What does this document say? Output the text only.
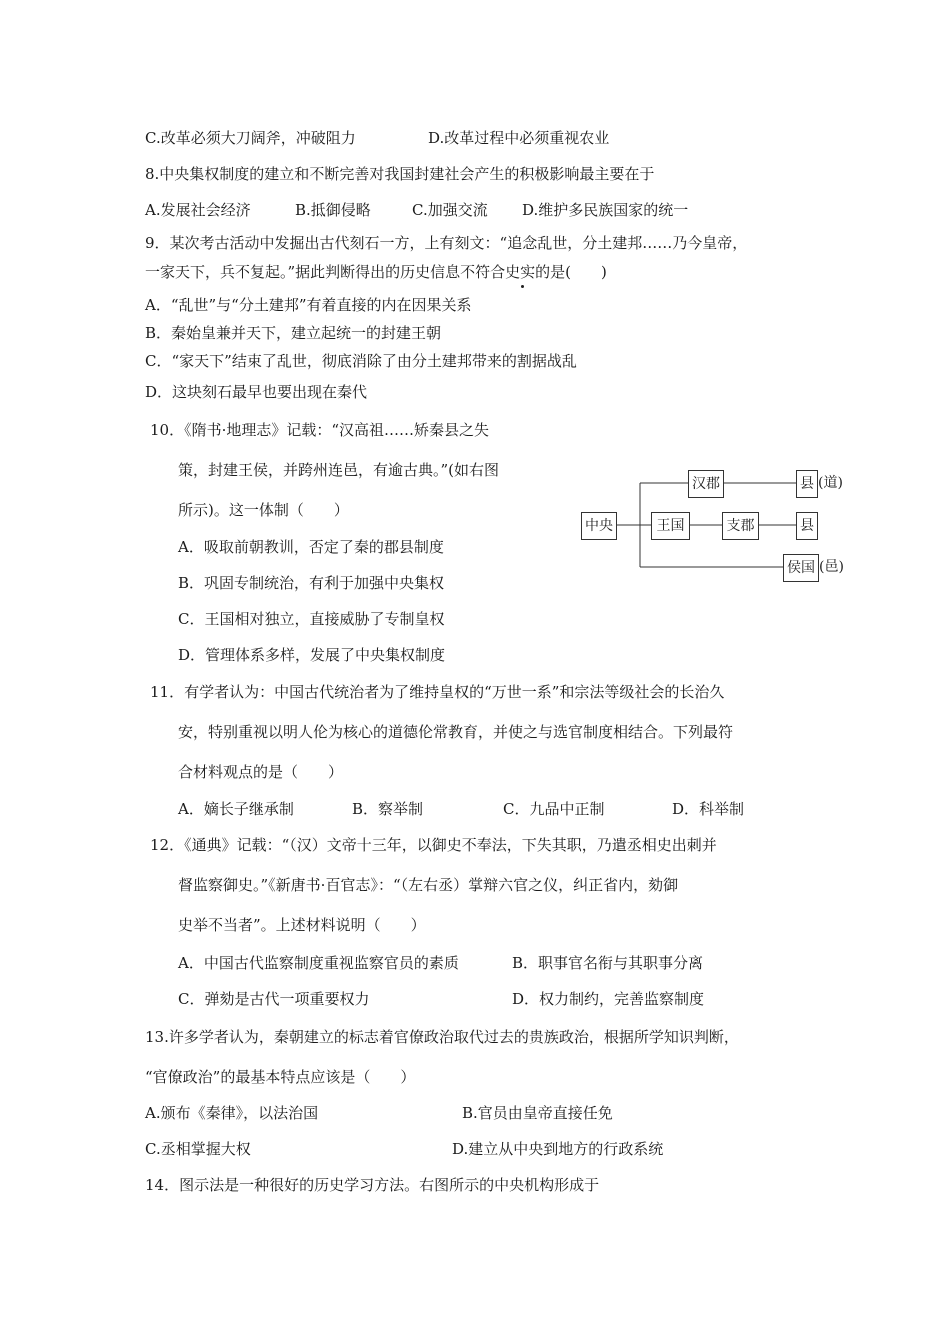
C.改革必须大刀阔斧，冲破阻力	D.改革过程中必须重视农业
8.中央集权制度的建立和不断完善对我国封建社会产生的积极影响最主要在于
A.发展社会经济	B.抵御侵略	C.加强交流 D.维护多民族国家的统一
9．某次考古活动中发掘出古代刻石一方，上有刻文：“追念乱世，分土建邦……乃今皇帝，
一家天下，兵不复起。”据此判断得出的历史信息不符合史实的是(　　)
A．“乱世”与“分土建邦”有着直接的内在因果关系
B．秦始皇兼并天下，建立起统一的封建王朝
C．“家天下”结束了乱世，彻底消除了由分土建邦带来的割据战乱
D．这块刻石最早也要出现在秦代
10．《隋书·地理志》记载：“汉高祖……矫秦县之失
策，封建王侯，并跨州连邑，有逾古典。”(如右图
所示)。这一体制（　　）
A．吸取前朝教训，否定了秦的郡县制度
B．巩固专制统治，有利于加强中央集权
C．王国相对独立，直接威胁了专制皇权
D．管理体系多样，发展了中央集权制度
中央
汉郡	县 (道)
王国	支郡	县
侯国 (邑)
11．有学者认为：中国古代统治者为了维持皇权的“万世一系”和宗法等级社会的长治久
安，特别重视以明人伦为核心的道德伦常教育，并使之与选官制度相结合。下列最符
合材料观点的是（　　）
A．嫡长子继承制	B．察举制	C．九品中正制	D．科举制
12．《通典》记载：“（汉）文帝十三年，以御史不奉法，下失其职，乃遣丞相史出刺并
督监察御史。”《新唐书·百官志》：“（左右丞）掌辩六官之仪，纠正省内，劾御
史举不当者”。上述材料说明（　　）
A．中国古代监察制度重视监察官员的素质	B．职事官名衔与其职事分离
C．弹劾是古代一项重要权力	D．权力制约，完善监察制度
13.许多学者认为，秦朝建立的标志着官僚政治取代过去的贵族政治，根据所学知识判断，
“官僚政治”的最基本特点应该是（　　）
A.颁布《秦律》，以法治国	B.官员由皇帝直接任免
C.丞相掌握大权	D.建立从中央到地方的行政系统
14．图示法是一种很好的历史学习方法。右图所示的中央机构形成于
